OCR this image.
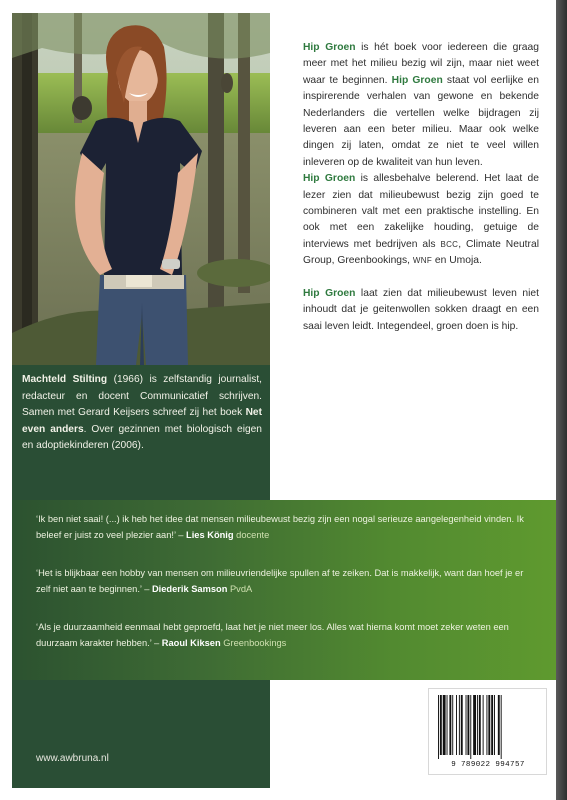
Machteld Stilting (1966) is zelfstandig journalist, redacteur en docent Communicatief schrijven. Samen met Gerard Keijsers schreef zij het boek Net even anders. Over gezinnen met biologisch eigen en adoptiekinderen (2006).

Hip Groen is hét boek voor iedereen die graag meer met het milieu bezig wil zijn, maar niet weet waar te beginnen. Hip Groen staat vol eerlijke en inspirerende verhalen van gewone en bekende Nederlanders die vertellen welke bijdragen zij leveren aan een beter milieu. Maar ook welke dingen zij laten, omdat ze niet te veel willen inleveren op de kwaliteit van hun leven.

Hip Groen is allesbehalve belerend. Het laat de lezer zien dat milieubewust bezig zijn goed te combineren valt met een praktische instelling. En ook met een zakelijke houding, getuige de interviews met bedrijven als BCC, Climate Neutral Group, Greenbookings, WNF en Umoja.

Hip Groen laat zien dat milieubewust leven niet inhoudt dat je geitenwollen sokken draagt en een saai leven leidt. Integendeel, groen doen is hip.

‘Ik ben niet saai! (...) ik heb het idee dat mensen milieubewust bezig zijn een nogal serieuze aangelegenheid vinden. Ik beleef er juist zo veel plezier aan!’ – Lies König docente

‘Het is blijkbaar een hobby van mensen om milieuvriendelijke spullen af te zeiken. Dat is makkelijk, want dan hoef je er zelf niet aan te beginnen.’ – Diederik Samson PvdA

‘Als je duurzaamheid eenmaal hebt geproefd, laat het je niet meer los. Alles wat hierna komt moet zeker weten een duurzaam karakter hebben.’ – Raoul Kiksen Greenbookings

www.awbruna.nl

9 789022 994757
